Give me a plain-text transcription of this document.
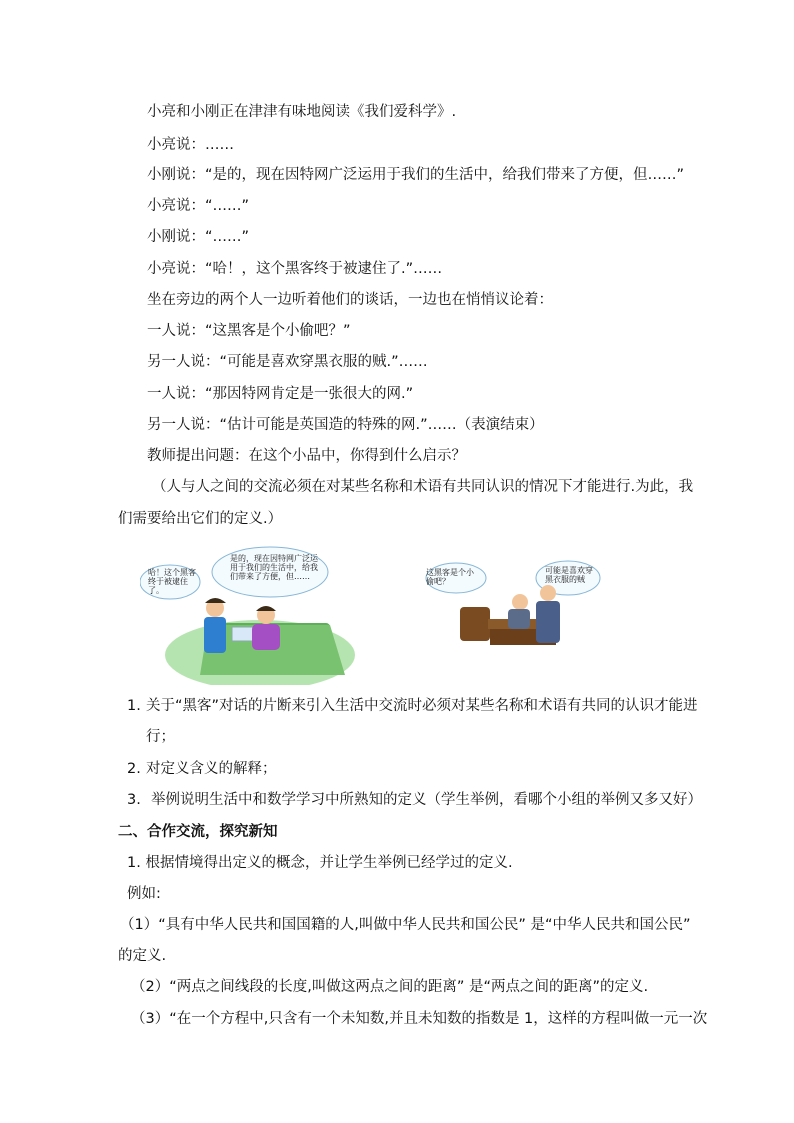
小亮和小刚正在津津有味地阅读《我们爱科学》.
小亮说：……
小刚说：“是的，现在因特网广泛运用于我们的生活中，给我们带来了方便，但……”
小亮说：“……”
小刚说：“……”
小亮说：“哈！，这个黑客终于被逮住了.”……
坐在旁边的两个人一边听着他们的谈话，一边也在悄悄议论着：
一人说：“这黑客是个小偷吧？”
另一人说：“可能是喜欢穿黑衣服的贼.”……
一人说：“那因特网肯定是一张很大的网.”
另一人说：“估计可能是英国造的特殊的网.”……（表演结束）
教师提出问题：在这个小品中，你得到什么启示？
（人与人之间的交流必须在对某些名称和术语有共同认识的情况下才能进行.为此，我
们需要给出它们的定义.）
哈！这个黑客终于被逮住了。
是的，现在因特网广泛运用于我们的生活中，给我们带来了方便，但……	这黑客是个小偷吧？
可能是喜欢穿黑衣服的贼
1. 关于“黑客”对话的片断来引入生活中交流时必须对某些名称和术语有共同的认识才能进
行；
2. 对定义含义的解释；
3. 举例说明生活中和数学学习中所熟知的定义（学生举例，看哪个小组的举例又多又好）
二、合作交流，探究新知
1. 根据情境得出定义的概念，并让学生举例已经学过的定义.
例如:
（1）“具有中华人民共和国国籍的人,叫做中华人民共和国公民” 是“中华人民共和国公民”
的定义.
（2）“两点之间线段的长度,叫做这两点之间的距离” 是“两点之间的距离”的定义.
（3）“在一个方程中,只含有一个未知数,并且未知数的指数是 1，这样的方程叫做一元一次
